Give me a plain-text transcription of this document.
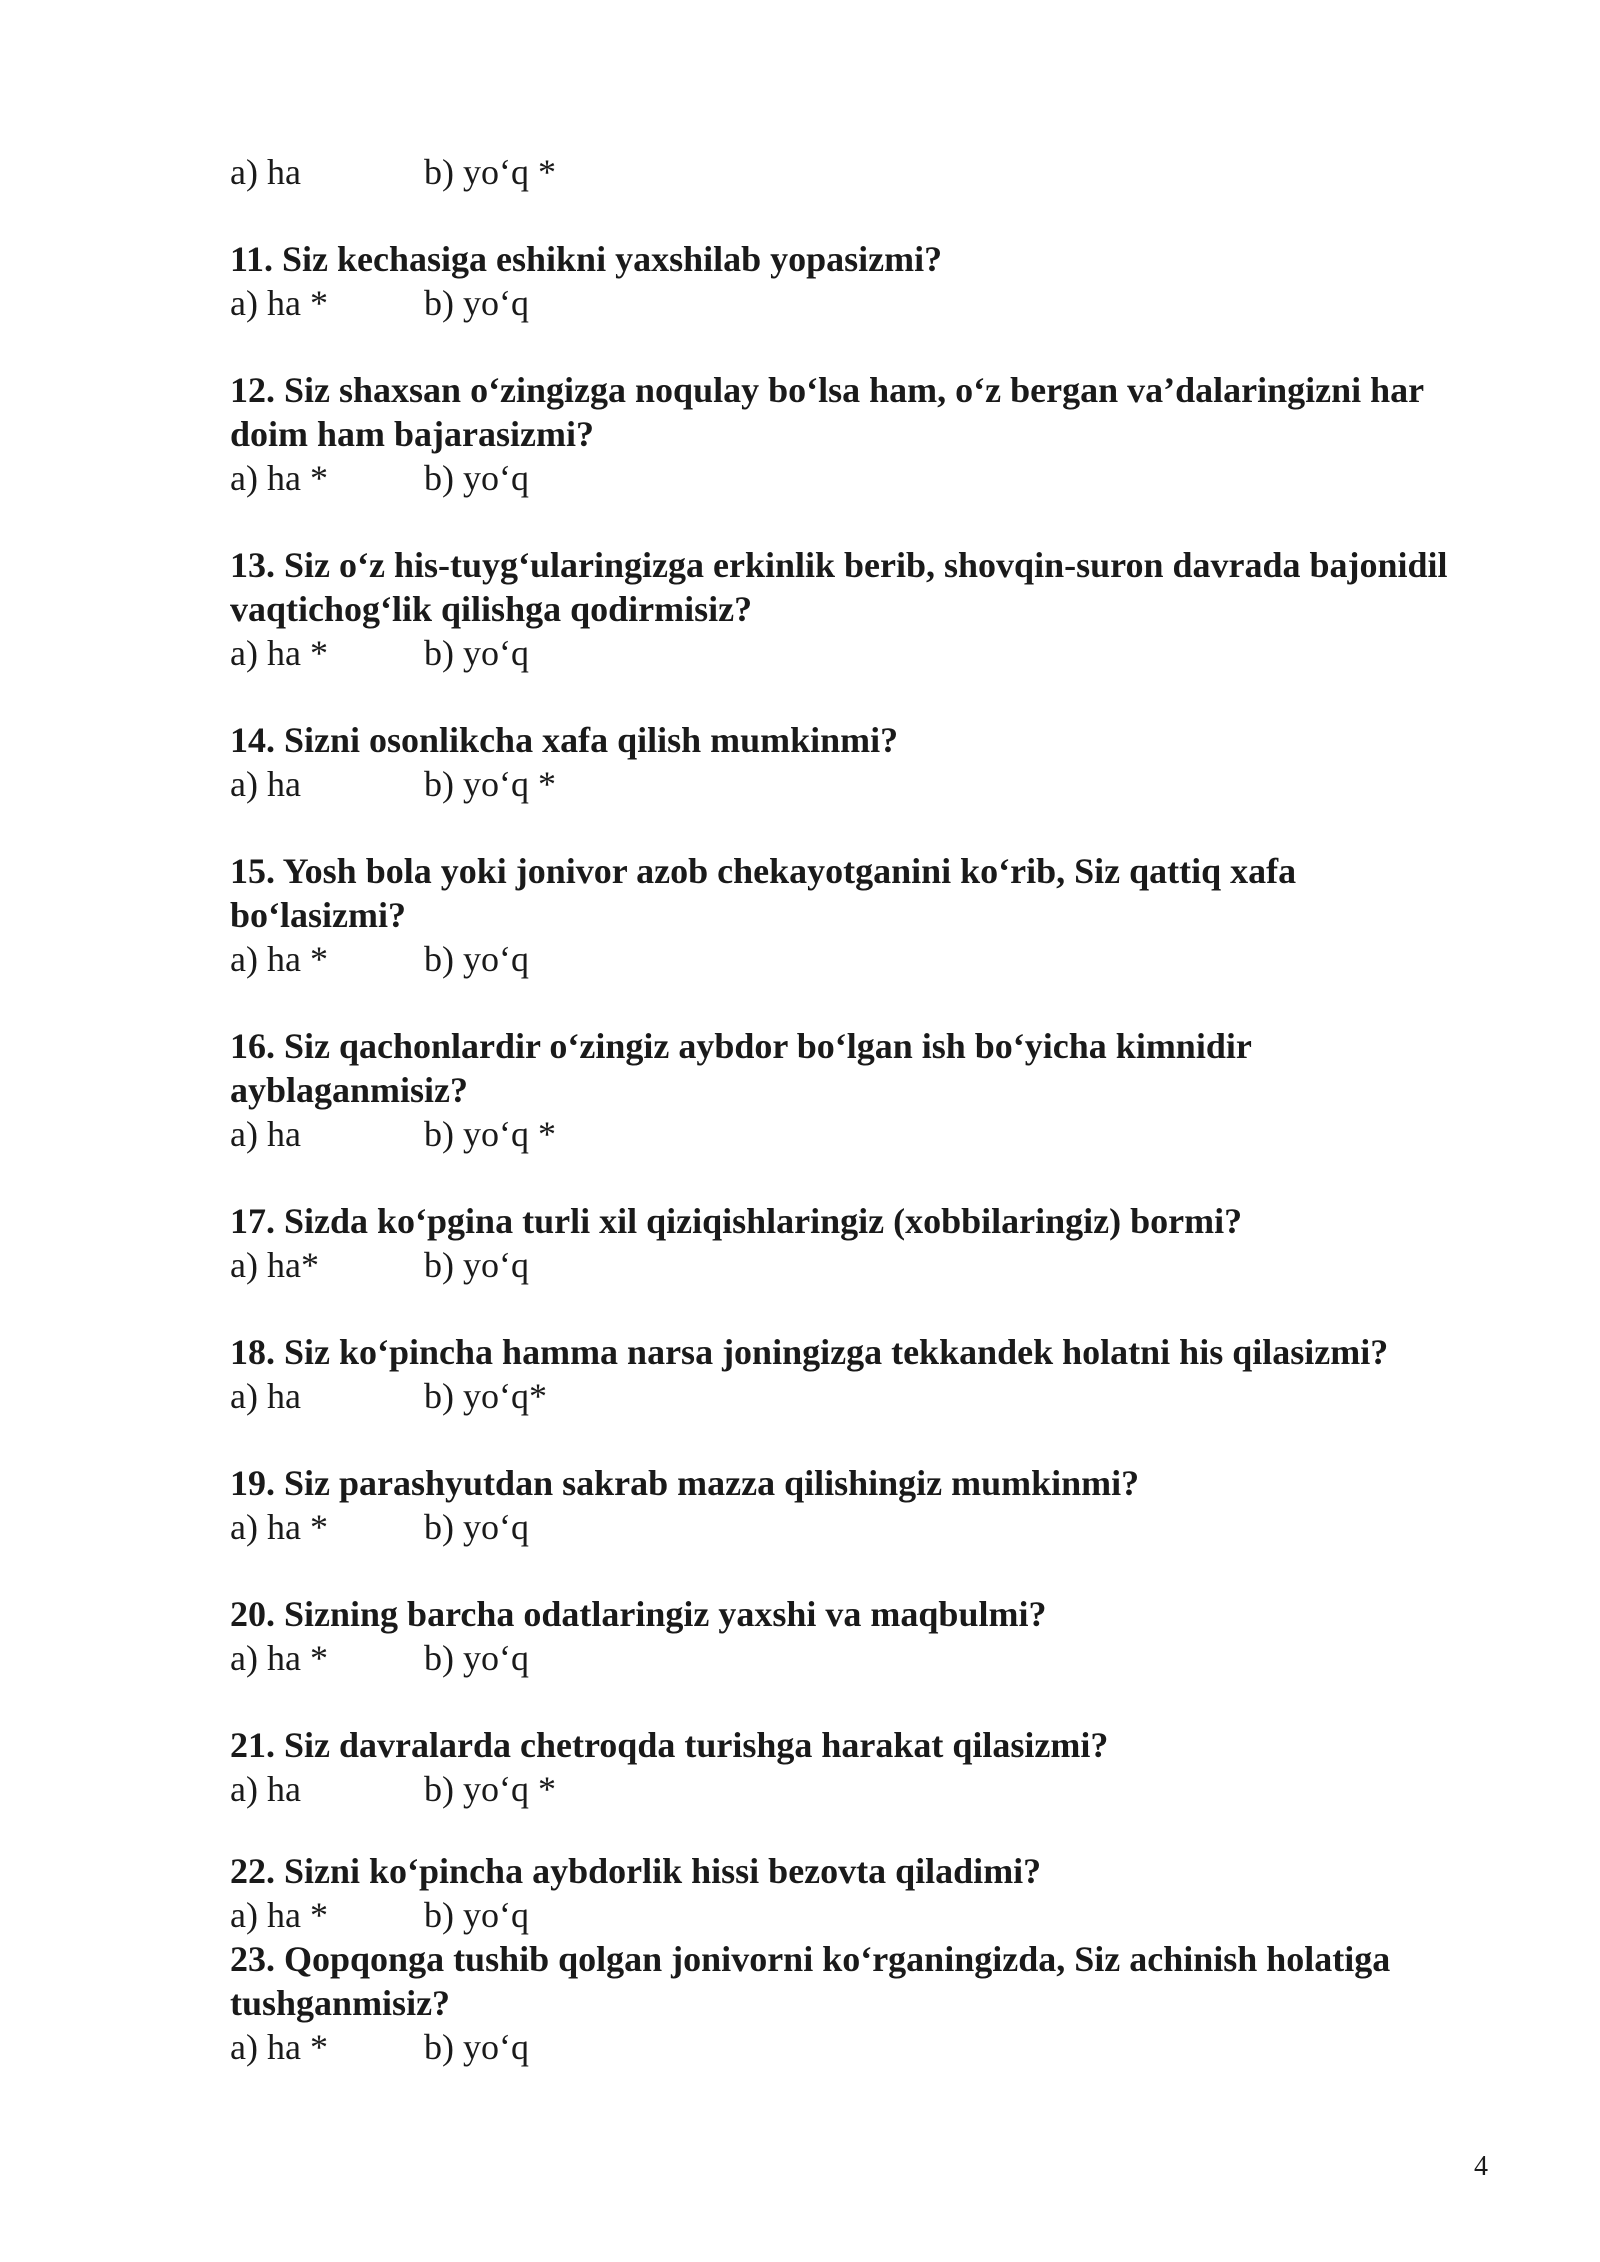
a) ha	b) yo‘q *

11. Siz kechasiga eshikni yaxshilab yopasizmi?

a) ha *	b) yo‘q

12. Siz shaxsan o‘zingizga noqulay bo‘lsa ham, o‘z bergan va’dalaringizni har

doim ham bajarasizmi?

a) ha *	b) yo‘q

13. Siz o‘z his-tuyg‘ularingizga erkinlik berib, shovqin-suron davrada bajonidil

vaqtichog‘lik qilishga qodirmisiz?

a) ha *	b) yo‘q

14. Sizni osonlikcha xafa qilish mumkinmi?

a) ha	b) yo‘q *

15. Yosh bola yoki jonivor azob chekayotganini ko‘rib, Siz qattiq xafa

bo‘lasizmi?

a) ha *	b) yo‘q

16. Siz qachonlardir o‘zingiz aybdor bo‘lgan ish bo‘yicha kimnidir

ayblaganmisiz?

a) ha	b) yo‘q *

17. Sizda ko‘pgina turli xil qiziqishlaringiz (xobbilaringiz) bormi?

a) ha*	b) yo‘q

18. Siz ko‘pincha hamma narsa joningizga tekkandek holatni his qilasizmi?

a) ha	b) yo‘q*

19. Siz parashyutdan sakrab mazza qilishingiz mumkinmi?

a) ha *	b) yo‘q

20. Sizning barcha odatlaringiz yaxshi va maqbulmi?

a) ha *	b) yo‘q

21. Siz davralarda chetroqda turishga harakat qilasizmi?

a) ha	b) yo‘q *

22. Sizni ko‘pincha aybdorlik hissi bezovta qiladimi?

a) ha *	b) yo‘q

23. Qopqonga tushib qolgan jonivorni ko‘rganingizda, Siz achinish holatiga

tushganmisiz?

a) ha *	b) yo‘q
4
